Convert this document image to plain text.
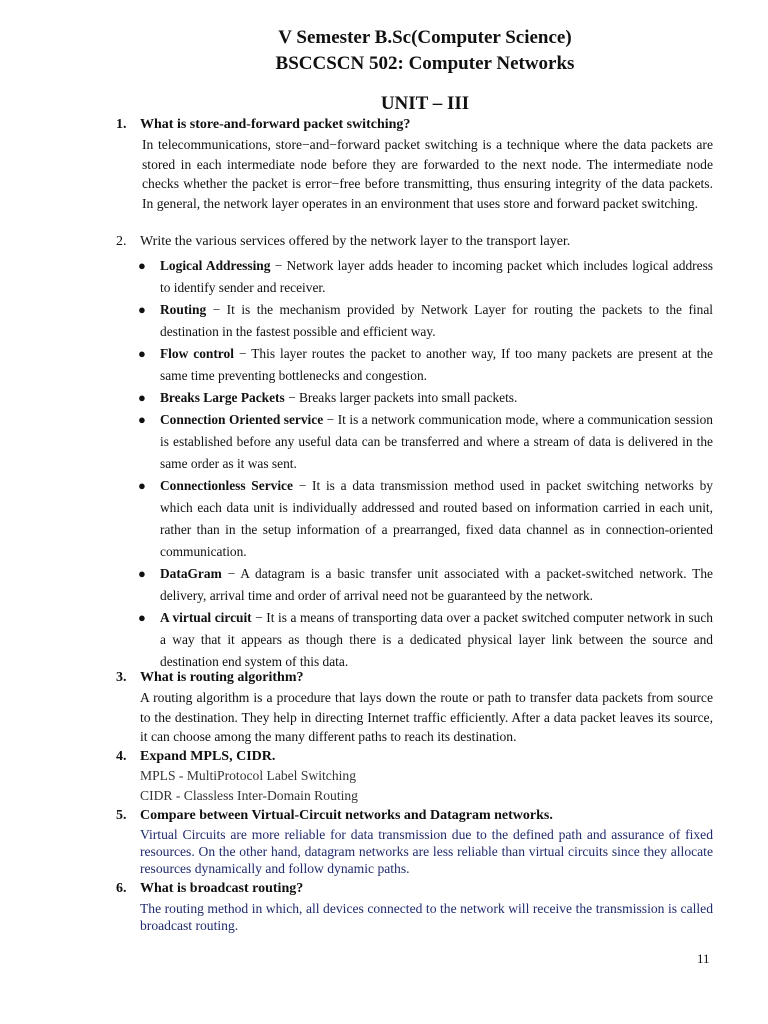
V Semester B.Sc(Computer Science)
BSCCSCN 502: Computer Networks
UNIT – III
1. What is store-and-forward packet switching?
In telecommunications, store−and−forward packet switching is a technique where the data packets are stored in each intermediate node before they are forwarded to the next node. The intermediate node checks whether the packet is error−free before transmitting, thus ensuring integrity of the data packets. In general, the network layer operates in an environment that uses store and forward packet switching.
2. Write the various services offered by the network layer to the transport layer.
● Logical Addressing − Network layer adds header to incoming packet which includes logical address to identify sender and receiver.
● Routing − It is the mechanism provided by Network Layer for routing the packets to the final destination in the fastest possible and efficient way.
● Flow control − This layer routes the packet to another way, If too many packets are present at the same time preventing bottlenecks and congestion.
● Breaks Large Packets − Breaks larger packets into small packets.
● Connection Oriented service − It is a network communication mode, where a communication session is established before any useful data can be transferred and where a stream of data is delivered in the same order as it was sent.
● Connectionless Service − It is a data transmission method used in packet switching networks by which each data unit is individually addressed and routed based on information carried in each unit, rather than in the setup information of a prearranged, fixed data channel as in connection-oriented communication.
● DataGram − A datagram is a basic transfer unit associated with a packet-switched network. The delivery, arrival time and order of arrival need not be guaranteed by the network.
● A virtual circuit − It is a means of transporting data over a packet switched computer network in such a way that it appears as though there is a dedicated physical layer link between the source and destination end system of this data.
3. What is routing algorithm?
A routing algorithm is a procedure that lays down the route or path to transfer data packets from source to the destination. They help in directing Internet traffic efficiently. After a data packet leaves its source, it can choose among the many different paths to reach its destination.
4. Expand MPLS, CIDR.
MPLS - MultiProtocol Label Switching
CIDR - Classless Inter-Domain Routing
5. Compare between Virtual-Circuit networks and Datagram networks.
Virtual Circuits are more reliable for data transmission due to the defined path and assurance of fixed resources. On the other hand, datagram networks are less reliable than virtual circuits since they allocate resources dynamically and follow dynamic paths.
6. What is broadcast routing?
The routing method in which, all devices connected to the network will receive the transmission is called broadcast routing.
11
